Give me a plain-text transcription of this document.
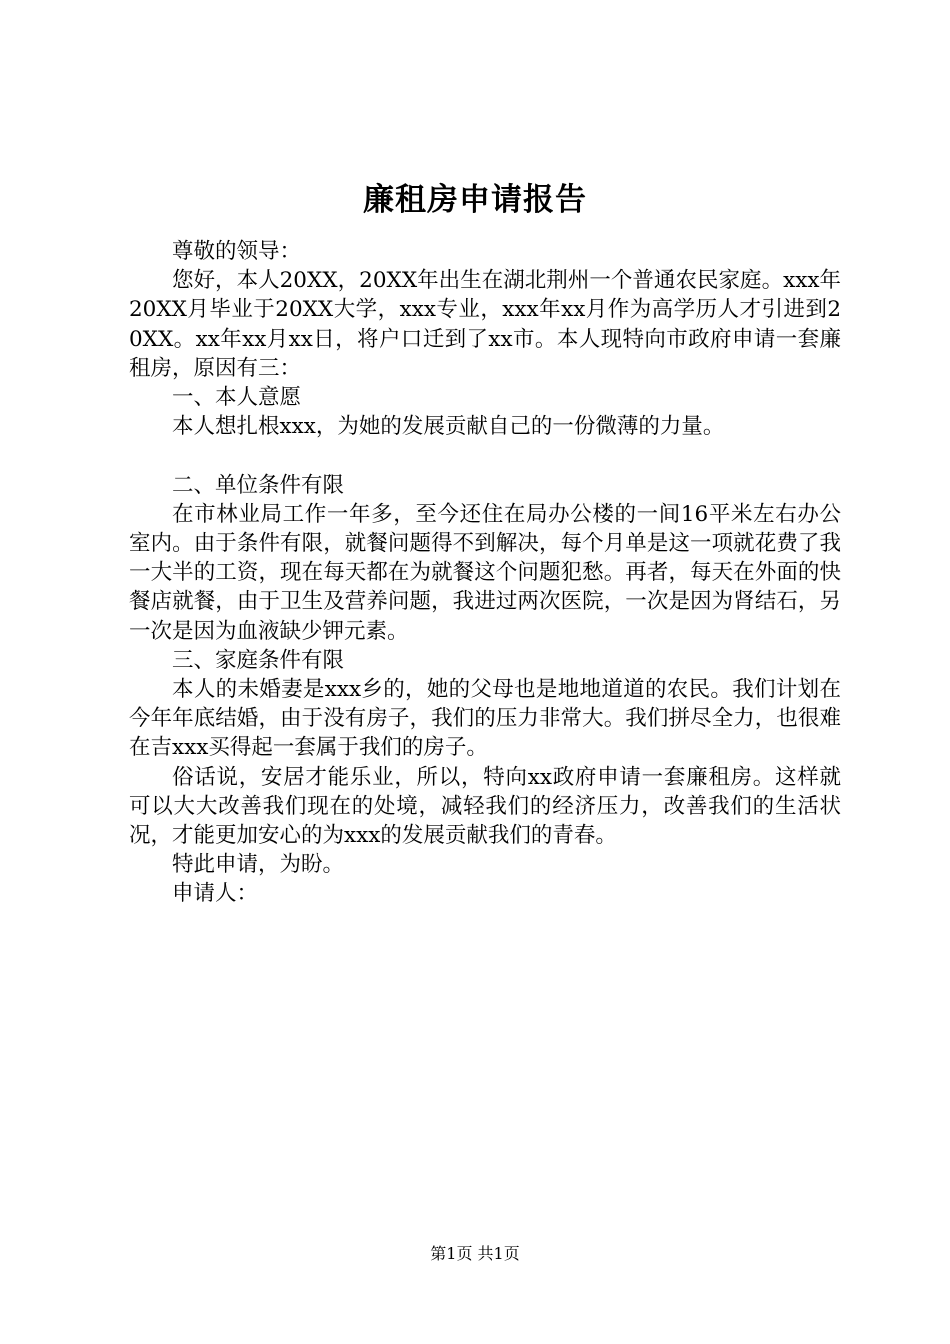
廉租房申请报告

尊敬的领导：

您好，本人20XX，20XX年出生在湖北荆州一个普通农民家庭。xxx年20XX月毕业于20XX大学，xxx专业，xxx年xx月作为高学历人才引进到20XX。xx年xx月xx日，将户口迁到了xx市。本人现特向市政府申请一套廉租房，原因有三：

一、本人意愿

本人想扎根xxx，为她的发展贡献自己的一份微薄的力量。

二、单位条件有限

在市林业局工作一年多，至今还住在局办公楼的一间16平米左右办公室内。由于条件有限，就餐问题得不到解决，每个月单是这一项就花费了我一大半的工资，现在每天都在为就餐这个问题犯愁。再者，每天在外面的快餐店就餐，由于卫生及营养问题，我进过两次医院，一次是因为肾结石，另一次是因为血液缺少钾元素。

三、家庭条件有限

本人的未婚妻是xxx乡的，她的父母也是地地道道的农民。我们计划在今年年底结婚，由于没有房子，我们的压力非常大。我们拼尽全力，也很难在吉xxx买得起一套属于我们的房子。

俗话说，安居才能乐业，所以，特向xx政府申请一套廉租房。这样就可以大大改善我们现在的处境，减轻我们的经济压力，改善我们的生活状况，才能更加安心的为xxx的发展贡献我们的青春。

特此申请，为盼。

申请人：

第1页 共1页
